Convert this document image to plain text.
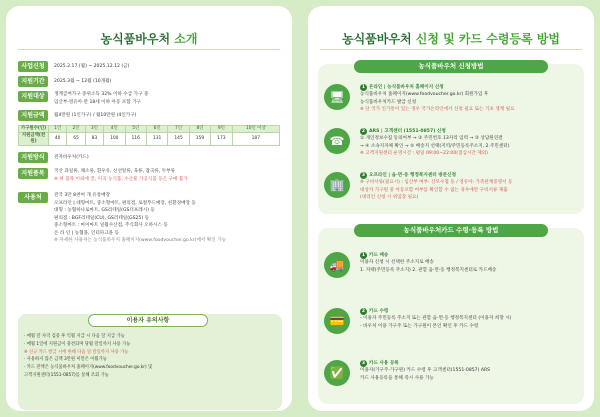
농식품바우처 소개
사업신청	2025.2.17 (월) ~ 2025.12.12 (금)
지원기간	2025.3월 ~ 12월 (10개월)
지원대상	생계급여가구 중위소득 32% 이하 수급 가구 중
임산부·영유아·만 18세 이하 아동 포함 가구
지원금액	월4만원 (1인가구) / 월10만원 (4인가구)
가구원수(인)	1인	2인	3인	4인	5인	6인	7인	8인	9인	10인 이상
지원금액(천원)	40	65	83	100	116	131	145	159	173	187
지원방식	전자바우처(카드)
지원품목	국산 과일류, 채소류, 흰우유, 신선알류, 육류, 잡곡류, 두부류
※ 위 품목 이외에 꿀, 미곡 농식품, 수산물 가공식품 등은 구매 불가
사용처	전국 3만 8천여 개 유통매장
오프라인 | 대형마트, 중소형마트, 편의점, 로컬푸드매장, 친환경매장 등
대형 : 농협하나로마트, GS리테일(GS더프레시) 등
편의점 : BGF리테일(CU), GS리테일(GS25) 등
중소형마트 : 마이마트 일월수산점, 주식회사 오하시스 등
온 라 인 | 농협몰, 인터파크몰 등
※ 자세한 사용처는 농식품바우처 홈페이지(www.foodvoucher.go.kr)에서 확인 가능
이용자 유의사항
· 매월 말 자격 검증 후 익월 지급 시 다음 달 지급 가능
· 매월 1일에 지원금이 충전되며 당월 말일까지 사용 가능
※ 신규 카드 발급 시에 한해 다음 달 말일까지 사용 가능
· 사용하지 않은 금액 3만원 미만은 이월가능
· 카드 잔액은 농식품바우처 홈페이지(www.foodvoucher.go.kr) 및
고객지원센터(1551-0857)를 통해 조회 가능
농식품바우처 신청 및 카드 수령등록 방법
농식품바우처 신청방법
🖥
1 온라인 | 농식품바우처 홈페이지 신청
농식품바우처 홈페이지(www.foodvoucher.go.kr) 회원가입 후
농식품바우처카드 발급 신청
※ 단 국가 인가통이 있는 경우 국가온라인에서 신청 필요 또는 기초 생계 필요
☎
2 ARS | 고객센터 (1551-0857) 신청
① 개인정보수집 동의여부 → ② 주민번호 13자리 입력 → ③ 상담원연결
→ ④ 소속지자체 확인 → ⑤ 배송지 선택(지역/주민등록주소지, 2.주민센터)
※ 고객지원센터 운영시간 : 평일 09:00~22:00(점심시간 제외)
🏢
3 오프라인 | 읍·면·동 행정복지센터 방문신청
※ 구비서류(필요시) : 임산부 여부: 산모수첩 등 / 영유아: 가족관계증명서 등
대상자 가구원 중 아동포함 여부를 확인할 수 없는 경우에만 구비서류 제출
(대리인 신청 시 위임장 필요)
농식품바우처카드 수령·등록 방법
🚚
1 카드 배송
이용자 신청 시 선택한 주소지로 배송
1. 자택(주민등록 주소지) 2. 관할 읍·면·동 행정복지센터로 카드배송
💳
2 카드 수령
- 이용자 주민등록 주소지 또는 관할 읍·면·동 행정복지센터 (이용자 희망 시)
- 바우처 이용 가구주 또는 가구원이 본인 확인 후 카드 수령
✅
3 카드 사용 등록
이용자(가구주·가구원) 카드 수령 후 고객센터(1551-0857) ARS
카드 사용등록을 통해 즉시 사용 가능
